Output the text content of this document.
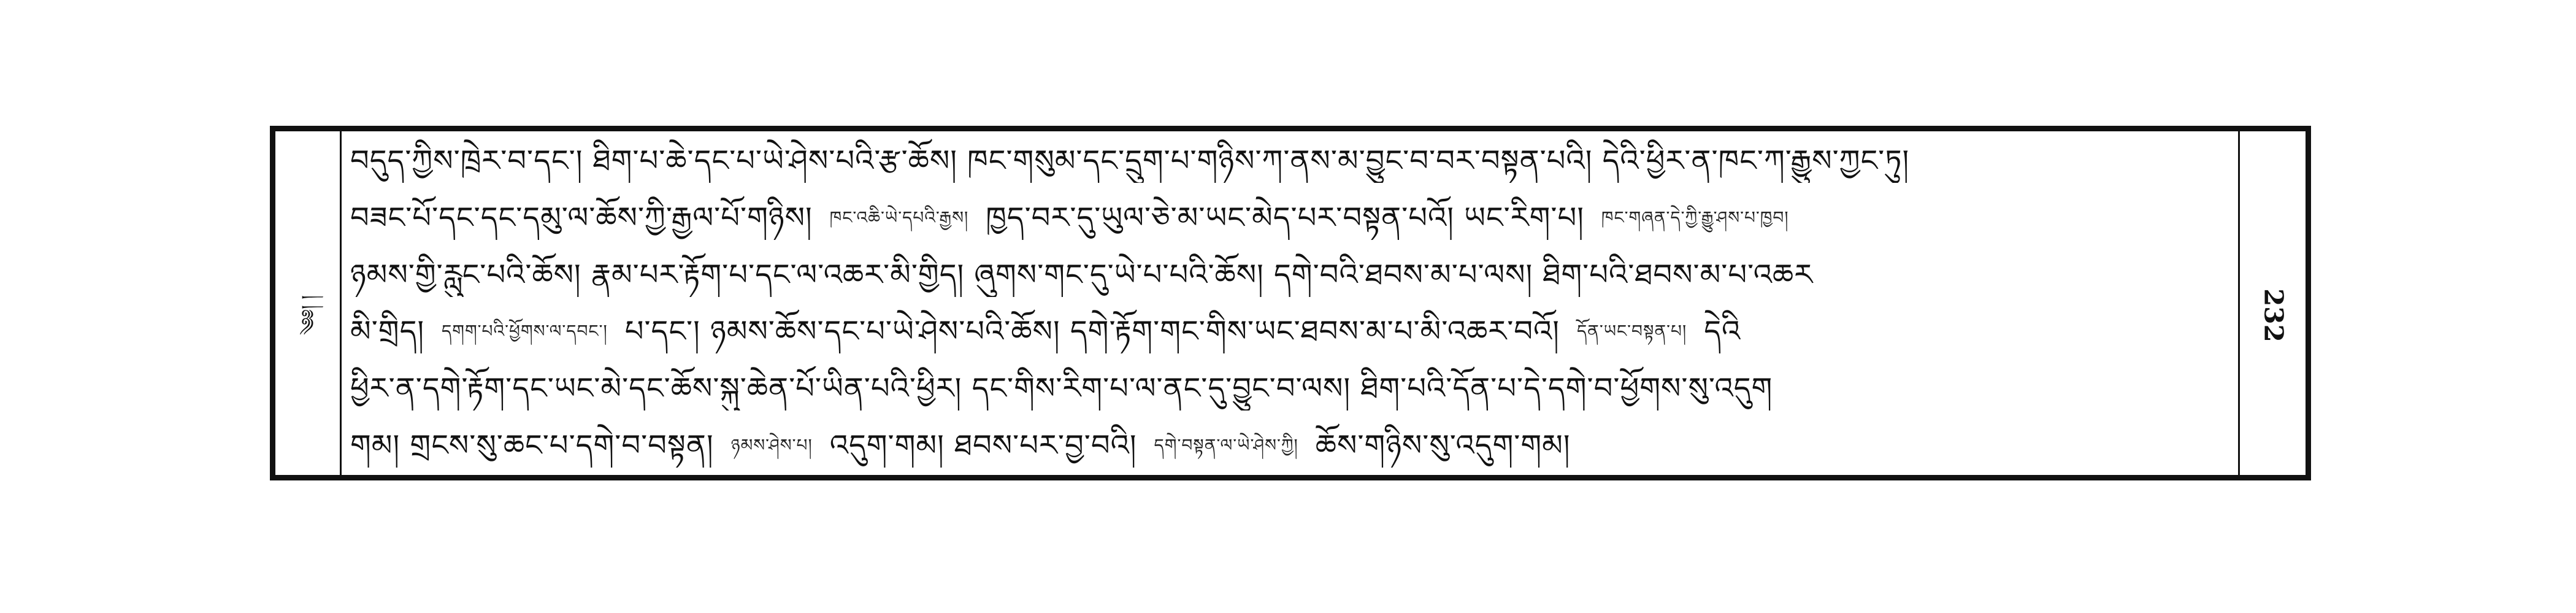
༄༅། །
བདུད་ཀྱིས་ཁྲེར་བ་དང་། ཐིག་པ་ཆེ་དང་པ་ཡེ་ཤེས་པའི་རྩ་ཆོས། ཁང་གསུམ་དང་དྲུག་པ་གཉིས་ཀ་ནས་མ་བྱུང་བ་བར་བསྟན་པའི། དེའི་ཕྱིར་ན་ཁང་ཀ་རྒྱུས་ཀྱང་ཏུ།
བཟང་པོ་དང་དང་དམུ་ལ་ཆོས་ཀྱི་རྒྱལ་པོ་གཉིས། ཁང་འཆི་ཡེ་དཔའི་རྒྱས། ཁྱད་བར་དུ་ཡུལ་ཅེ་མ་ཡང་མེད་པར་བསྟན་པའོ། ཡང་རིག་པ། ཁང་གཞན་དེ་ཀྱི་རྒྱུ་ཤས་པ་ཁྱབ།
ཉམས་གྱི་རླུང་པའི་ཆོས། རྣམ་པར་རྟོག་པ་དང་ལ་འཆར་མི་གྱིད། ཞུགས་གང་དུ་ཡེ་པ་པའི་ཆོས། དགེ་བའི་ཐབས་མ་པ་ལས། ཐིག་པའི་ཐབས་མ་པ་འཆར
མི་གྲིད། དགག་པའི་ཕྱོགས་ལ་དབང་། པ་དང་། ཉམས་ཆོས་དང་པ་ཡེ་ཤེས་པའི་ཆོས། དགེ་རྟོག་གང་གིས་ཡང་ཐབས་མ་པ་མི་འཆར་བའོ། དོན་ཡང་བསྟན་པ། དེའི
ཕྱིར་ན་དགེ་རྟོག་དང་ཡང་མེ་དང་ཆོས་སྐུ་ཆེན་པོ་ཡིན་པའི་ཕྱིར། དང་གིས་རིག་པ་ལ་ནང་དུ་བྱུང་བ་ལས། ཐིག་པའི་དོན་པ་དེ་དགེ་བ་ཕྱོགས་སུ་འདུག
གམ། གྲངས་སུ་ཆང་པ་དགེ་བ་བསྟན། ཉམས་ཤེས་པ། འདུག་གམ། ཐབས་པར་བྱ་བའི། དགེ་བསྟན་ལ་ཡེ་ཤེས་ཀྱི། ཆོས་གཉིས་སུ་འདུག་གམ།
232
